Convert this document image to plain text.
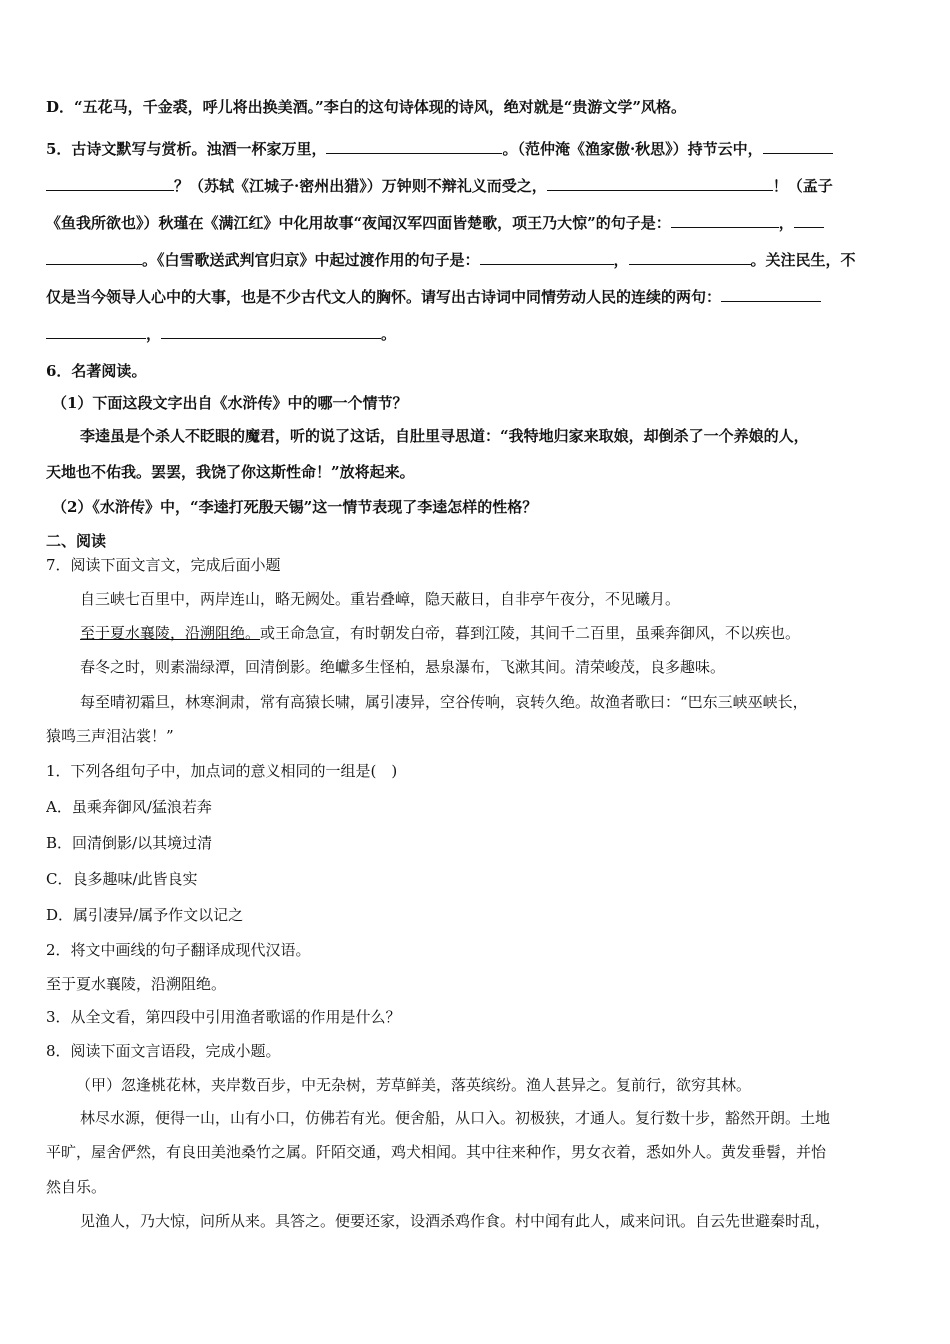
D．“五花马，千金裘，呼儿将出换美酒。”李白的这句诗体现的诗风，绝对就是“贵游文学”风格。
5．古诗文默写与赏析。浊酒一杯家万里，	。（范仲淹《渔家傲·秋思》）持节云中，
？（苏轼《江城子·密州出猎》）万钟则不辩礼义而受之，	！（孟子
《鱼我所欲也》）秋瑾在《满江红》中化用故事“夜闻汉军四面皆楚歌，项王乃大惊”的句子是：	，
。《白雪歌送武判官归京》中起过渡作用的句子是：	，	。关注民生，不
仅是当今领导人心中的大事，也是不少古代文人的胸怀。请写出古诗词中同情劳动人民的连续的两句：
，	。
6．名著阅读。
（1）下面这段文字出自《水浒传》中的哪一个情节？
李逵虽是个杀人不眨眼的魔君，听的说了这话，自肚里寻思道：“我特地归家来取娘，却倒杀了一个养娘的人，
天地也不佑我。罢罢，我饶了你这斯性命！”放将起来。
（2）《水浒传》中，“李逵打死殷天锡”这一情节表现了李逵怎样的性格？
二、阅读
7．阅读下面文言文，完成后面小题
自三峡七百里中，两岸连山，略无阙处。重岩叠嶂，隐天蔽日，自非亭午夜分，不见曦月。
至于夏水襄陵，沿溯阻绝。或王命急宣，有时朝发白帝，暮到江陵，其间千二百里，虽乘奔御风，不以疾也。
春冬之时，则素湍绿潭，回清倒影。绝巘多生怪柏，悬泉瀑布，飞漱其间。清荣峻茂，良多趣味。
每至晴初霜旦，林寒涧肃，常有高猿长啸，属引凄异，空谷传响，哀转久绝。故渔者歌曰：“巴东三峡巫峡长，
猿鸣三声泪沾裳！”
1．下列各组句子中，加点词的意义相同的一组是(　)
A．虽乘奔御风/猛浪若奔
B．回清倒影/以其境过清
C．良多趣味/此皆良实
D．属引凄异/属予作文以记之
2．将文中画线的句子翻译成现代汉语。
至于夏水襄陵，沿溯阻绝。
3．从全文看，第四段中引用渔者歌谣的作用是什么？
8．阅读下面文言语段，完成小题。
（甲）忽逢桃花林，夹岸数百步，中无杂树，芳草鲜美，落英缤纷。渔人甚异之。复前行，欲穷其林。
林尽水源，便得一山，山有小口，仿佛若有光。便舍船，从口入。初极狭，才通人。复行数十步，豁然开朗。土地
平旷，屋舍俨然，有良田美池桑竹之属。阡陌交通，鸡犬相闻。其中往来种作，男女衣着，悉如外人。黄发垂髫，并怡
然自乐。
见渔人，乃大惊，问所从来。具答之。便要还家，设酒杀鸡作食。村中闻有此人，咸来问讯。自云先世避秦时乱，
